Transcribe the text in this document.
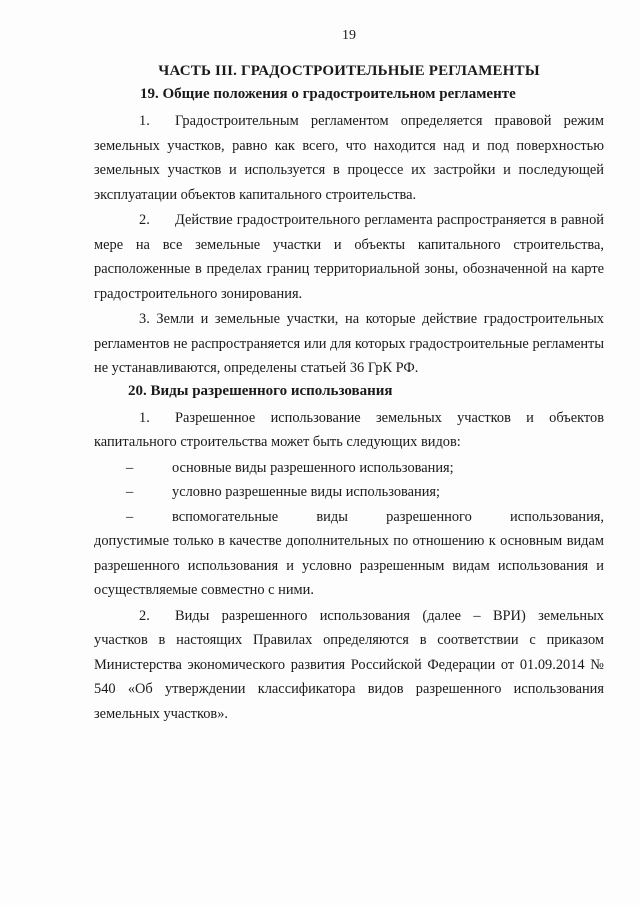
19
ЧАСТЬ III. ГРАДОСТРОИТЕЛЬНЫЕ РЕГЛАМЕНТЫ
19. Общие положения о градостроительном регламенте

1. Градостроительным регламентом определяется правовой режим земельных участков, равно как всего, что находится над и под поверхностью земельных участков и используется в процессе их застройки и последующей эксплуатации объектов капитального строительства.

2. Действие градостроительного регламента распространяется в равной мере на все земельные участки и объекты капитального строительства, расположенные в пределах границ территориальной зоны, обозначенной на карте градостроительного зонирования.

3. Земли и земельные участки, на которые действие градостроительных регламентов не распространяется или для которых градостроительные регламенты не устанавливаются, определены статьей 36 ГрК РФ.

20. Виды разрешенного использования

1. Разрешенное использование земельных участков и объектов капитального строительства может быть следующих видов:

–	основные виды разрешенного использования;
–	условно разрешенные виды использования;
–	вспомогательные виды разрешенного использования,

допустимые только в качестве дополнительных по отношению к основным видам разрешенного использования и условно разрешенным видам использования и осуществляемые совместно с ними.

2. Виды разрешенного использования (далее – ВРИ) земельных участков в настоящих Правилах определяются в соответствии с приказом Министерства экономического развития Российской Федерации от 01.09.2014 № 540 «Об утверждении классификатора видов разрешенного использования земельных участков».
